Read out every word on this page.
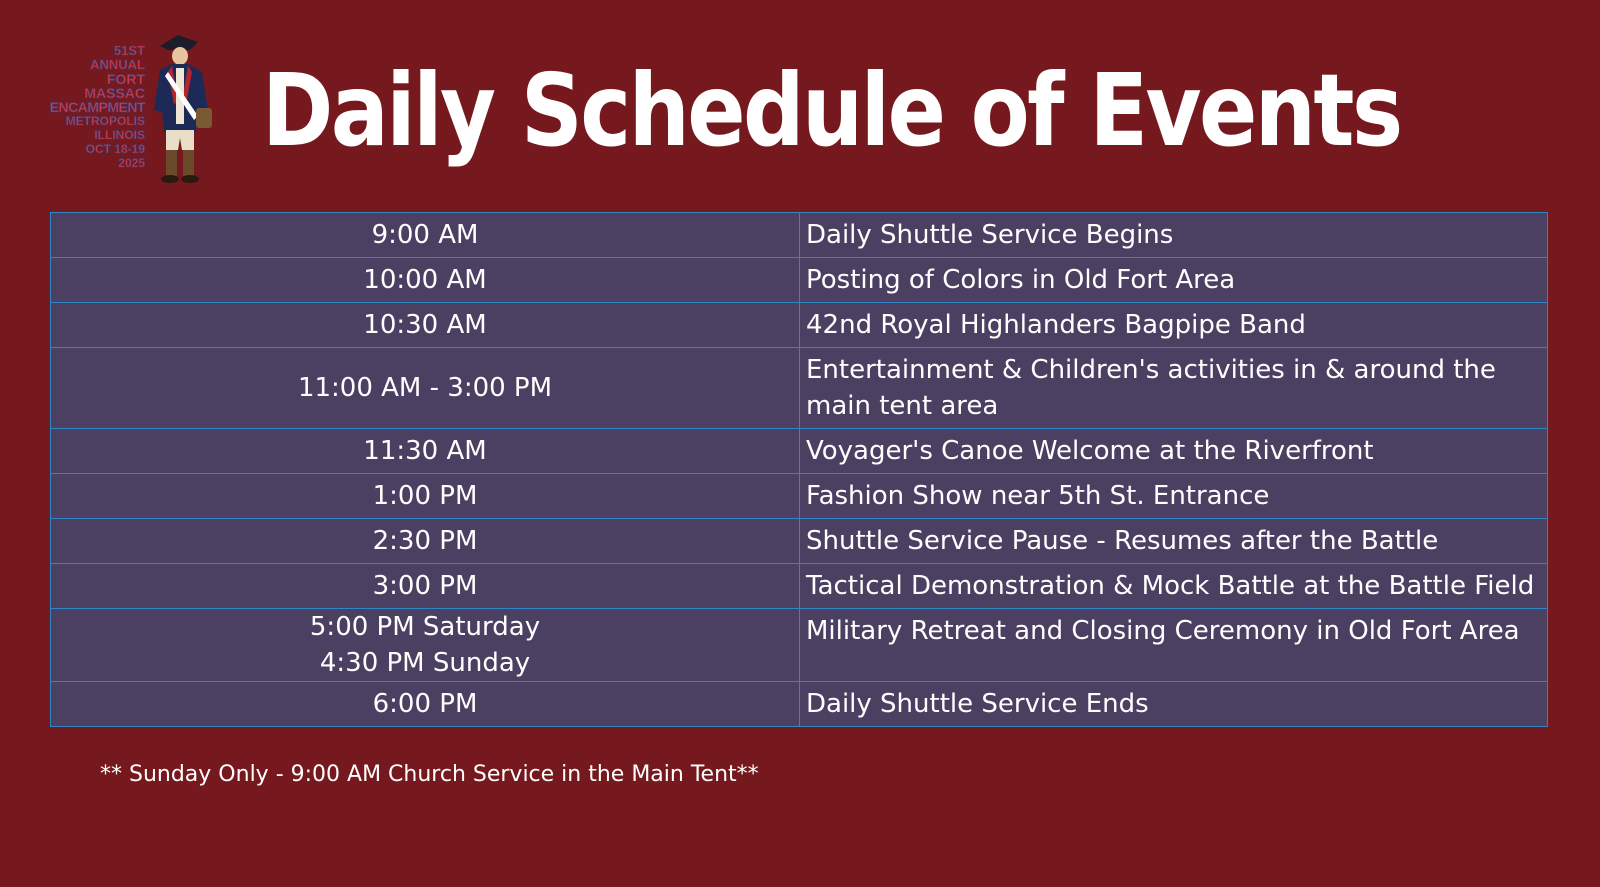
51ST
ANNUAL
FORT
MASSAC
ENCAMPMENT
METROPOLIS
ILLINOIS
OCT 18-19
2025 Daily Schedule of Events
9:00 AM	Daily Shuttle Service Begins

10:00 AM	Posting of Colors in Old Fort Area

10:30 AM	42nd Royal Highlanders Bagpipe Band

11:00 AM - 3:00 PM	Entertainment & Children's activities in & around the main tent area

11:30 AM	Voyager's Canoe Welcome at the Riverfront

1:00 PM	Fashion Show near 5th St. Entrance

2:30 PM	Shuttle Service Pause - Resumes after the Battle

3:00 PM	Tactical Demonstration & Mock Battle at the Battle Field

5:00 PM Saturday
4:30 PM Sunday	Military Retreat and Closing Ceremony in Old Fort Area

6:00 PM	Daily Shuttle Service Ends

** Sunday Only - 9:00 AM Church Service in the Main Tent**
